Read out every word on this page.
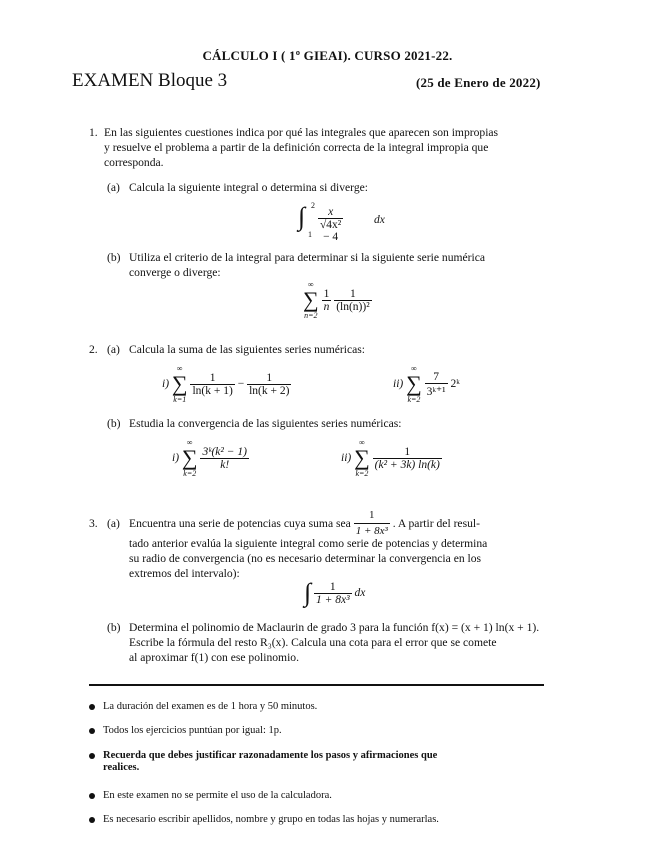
CÁLCULO I ( 1º GIEAI). CURSO 2021-22.
EXAMEN Bloque 3	(25 de Enero de 2022)
1. En las siguientes cuestiones indica por qué las integrales que aparecen son impropias
y resuelve el problema a partir de la definición correcta de la integral impropia que
corresponda.
(a) Calcula la siguiente integral o determina si diverge:
∫ 2
$1 \frac{x}{\text{√4x² − 4}}$	dx
(b) Utiliza el criterio de la integral para determinar si la siguiente serie numérica
converge o diverge:
∞
∑
n=2

$\frac{1}{n}$
$\frac{1}{\text{(ln(n))²}}$
2. (a) Calcula la suma de las siguientes series numéricas:
i)
∞
∑
k=1

$\frac{1}{\ln(k + 1)} - \frac{1}{\ln(k + 2)}$	ii)
∞
∑
k=2

$\frac{7}{\text{3ᵏ⁺¹}}$ 2ᵏ
(b) Estudia la convergencia de las siguientes series numéricas:
i)
∞
∑
k=2

$\frac{\text{3ᵏ(k² − 1)}}{k!}$	ii)
∞
∑
k=2

$\frac{1}{\text{(k² + 3k) ln(k)}}$
3. (a) Encuentra una serie de potencias cuya suma sea $\frac{1}{\text{1 + 8x³}}$ . A partir del resul-
tado anterior evalúa la siguiente integral como serie de potencias y determina
su radio de convergencia (no es necesario determinar la convergencia en los
extremos del intervalo):
∫ $\frac{1}{\text{1 + 8x³}}$ dx
(b) Determina el polinomio de Maclaurin de grado 3 para la función f(x) = (x + 1) ln(x + 1).
Escribe la fórmula del resto R₃(x). Calcula una cota para el error que se comete
al aproximar f(1) con ese polinomio.
La duración del examen es de 1 hora y 50 minutos.
Todos los ejercicios puntúan por igual: 1p.
Recuerda que debes justificar razonadamente los pasos y afirmaciones que
realices.
En este examen no se permite el uso de la calculadora.
Es necesario escribir apellidos, nombre y grupo en todas las hojas y numerarlas.
